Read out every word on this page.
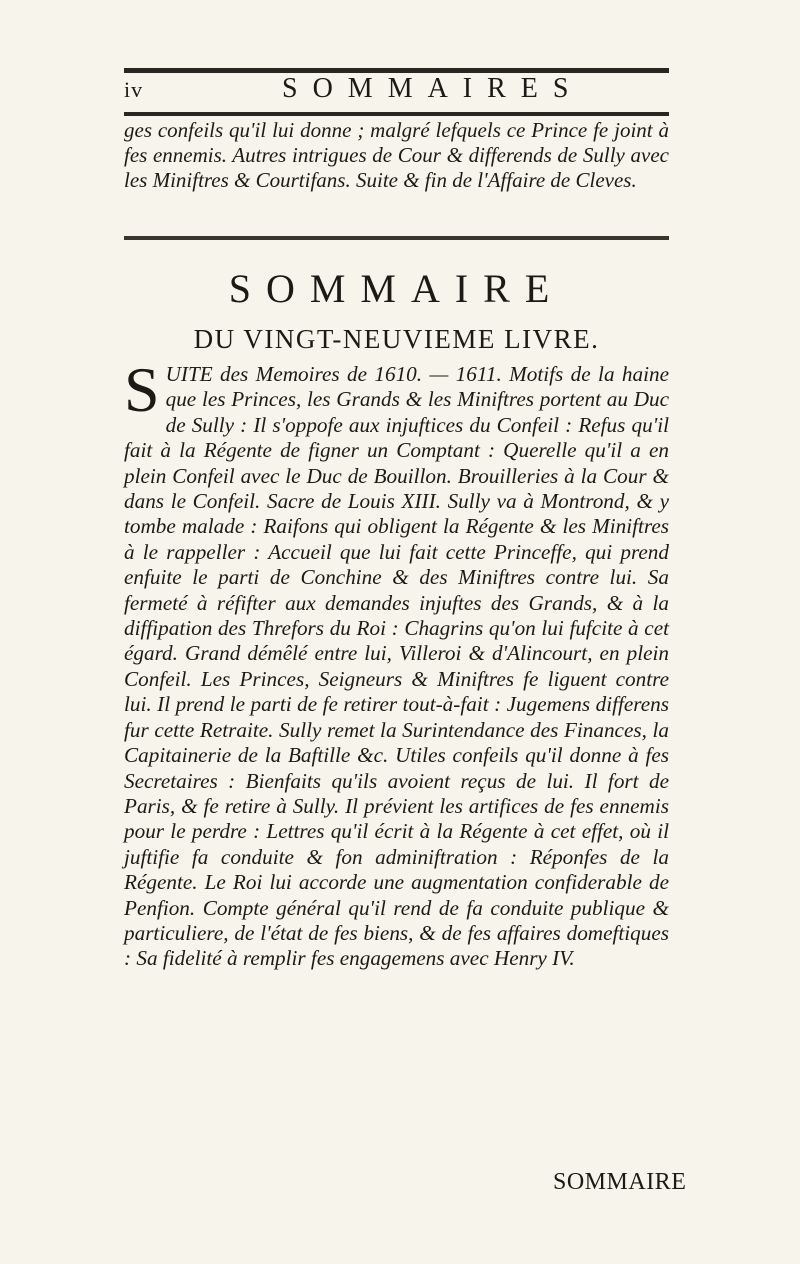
iv	SOMMAIRES

ges confeils qu'il lui donne ; malgré lefquels ce Prince fe joint à fes ennemis. Autres intrigues de Cour & differends de Sully avec les Miniftres & Courtifans. Suite & fin de l'Affaire de Cleves.

SOMMAIRE
DU VINGT-NEUVIEME LIVRE.
S UITE des Memoires de 1610. — 1611. Motifs de la haine que les Princes, les Grands & les Miniftres portent au Duc de Sully : Il s'oppofe aux injuftices du Confeil : Refus qu'il fait à la Régente de figner un Comptant : Querelle qu'il a en plein Confeil avec le Duc de Bouillon. Brouilleries à la Cour & dans le Confeil. Sacre de Louis XIII. Sully va à Montrond, & y tombe malade : Raifons qui obligent la Régente & les Miniftres à le rappeller : Accueil que lui fait cette Princeffe, qui prend enfuite le parti de Conchine & des Miniftres contre lui. Sa fermeté à réfifter aux demandes injuftes des Grands, & à la diffipation des Threfors du Roi : Chagrins qu'on lui fufcite à cet égard. Grand démêlé entre lui, Villeroi & d'Alincourt, en plein Confeil. Les Princes, Seigneurs & Miniftres fe liguent contre lui. Il prend le parti de fe retirer tout-à-fait : Jugemens differens fur cette Retraite. Sully remet la Surintendance des Finances, la Capitainerie de la Baftille &c. Utiles confeils qu'il donne à fes Secretaires : Bienfaits qu'ils avoient reçus de lui. Il fort de Paris, & fe retire à Sully. Il prévient les artifices de fes ennemis pour le perdre : Lettres qu'il écrit à la Régente à cet effet, où il juftifie fa conduite & fon adminiftration : Réponfes de la Régente. Le Roi lui accorde une augmentation confiderable de Penfion. Compte général qu'il rend de fa conduite publique & particuliere, de l'état de fes biens, & de fes affaires domeftiques : Sa fidelité à remplir fes engagemens avec Henry IV.

SOMMAIRE
